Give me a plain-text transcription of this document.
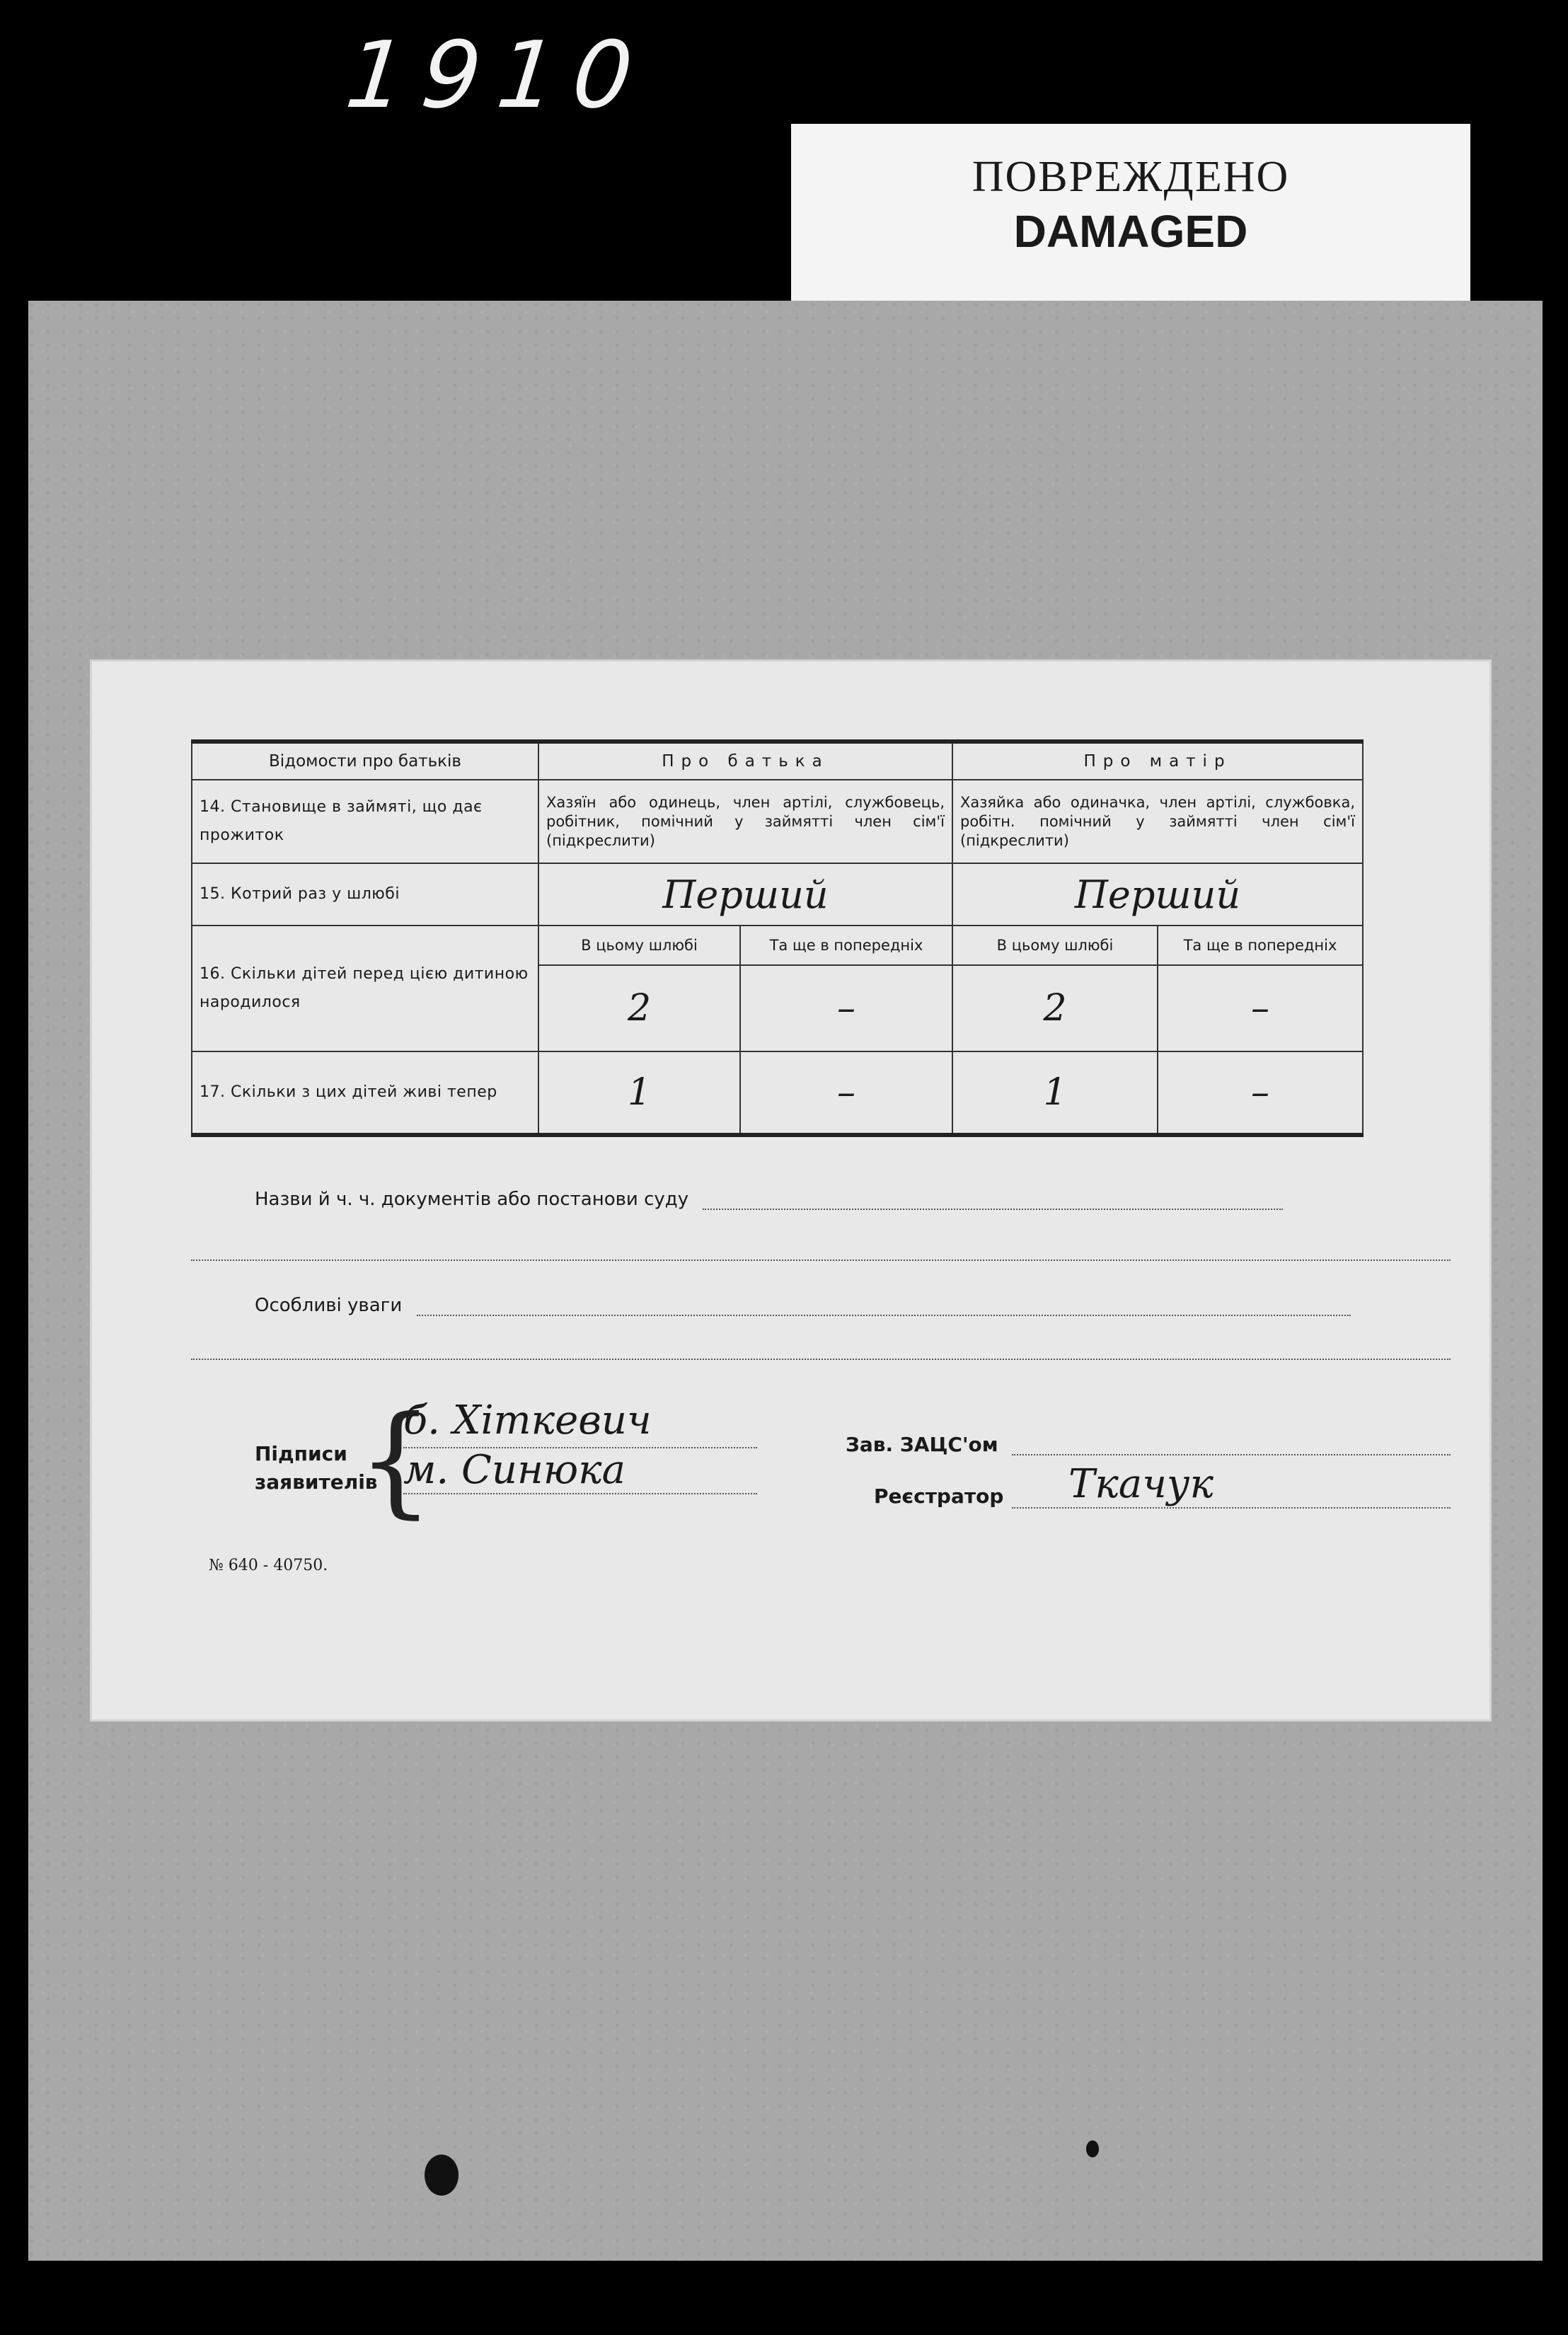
1910
ПОВРЕЖДЕНО
DAMAGED
Відомости про батьків	Про батька		Про матір	
14. Становище в займяті, що дає прожиток	Хазяїн або одинець, член артілі, службовець, робітник, помічний у займятті член сім'ї (підкреслити)		Хазяйка або одиначка, член артілі, службовка, робітн. помічний у займятті член сім'ї (підкреслити)	
15. Котрий раз у шлюбі	Перший		Перший	
16. Скільки дітей перед цією дитиною народилося	В цьому шлюбі	Та ще в попередніх	В цьому шлюбі	Та ще в попередніх
	2	–	2	–
17. Скільки з цих дітей живі тепер	1	–	1	–
Назви й ч. ч. документів або постанови суду
Особливі уваги
Підписи заявителів
{
б. Хіткевич
м. Синюка
Зав. ЗАЦС'ом
Реєстратор Ткачук
№ 640 - 40750.
